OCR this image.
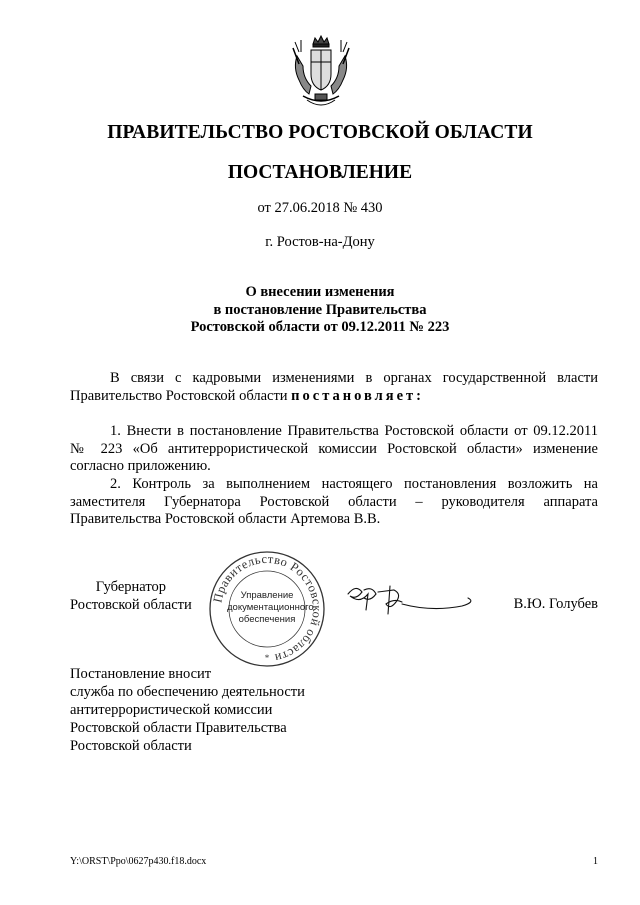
ПРАВИТЕЛЬСТВО РОСТОВСКОЙ ОБЛАСТИ
ПОСТАНОВЛЕНИЕ
от 27.06.2018 № 430
г. Ростов-на-Дону
О внесении изменения
в постановление Правительства
Ростовской области от 09.12.2011 № 223
В связи с кадровыми изменениями в органах государственной власти Правительство Ростовской области постановляет:
1. Внести в постановление Правительства Ростовской области от 09.12.2011 № 223 «Об антитеррористической комиссии Ростовской области» изменение согласно приложению.
2. Контроль за выполнением настоящего постановления возложить на заместителя Губернатора Ростовской области – руководителя аппарата Правительства Ростовской области Артемова В.В.
Губернатор
Ростовской области Правительство Ростовской области
*
Управление
документационного
обеспечения
В.Ю. Голубев
Постановление вносит
служба по обеспечению деятельности
антитеррористической комиссии
Ростовской области Правительства
Ростовской области
Y:\ORST\Ppo\0627p430.f18.docx	1
